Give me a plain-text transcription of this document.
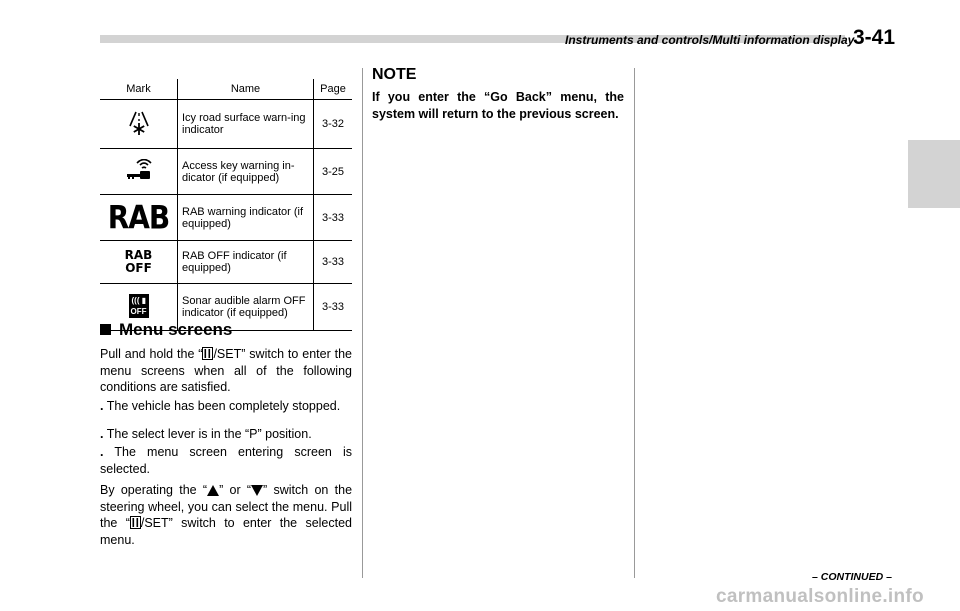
Instruments and controls/Multi information display
3-41
Mark	Name	Page
	Icy road surface warn-ing indicator	3-32
	Access key warning in-dicator (if equipped)	3-25
RAB	RAB warning indicator (if equipped)	3-33
RAB
OFF	RAB OFF indicator (if equipped)	3-33

((( ▮
OFF	Sonar audible alarm OFF indicator (if equipped)	3-33
Menu screens
Pull and hold the “ /SET” switch to enter the menu screens when all of the following conditions are satisfied.
. The vehicle has been completely stopped.
. The select lever is in the “P” position.
. The menu screen entering screen is selected.
By operating the “ ” or “ ” switch on the steering wheel, you can select the menu. Pull the “ /SET” switch to enter the selected menu.
NOTE
If you enter the “Go Back” menu, the system will return to the previous screen.
– CONTINUED –
carmanualsonline.info
